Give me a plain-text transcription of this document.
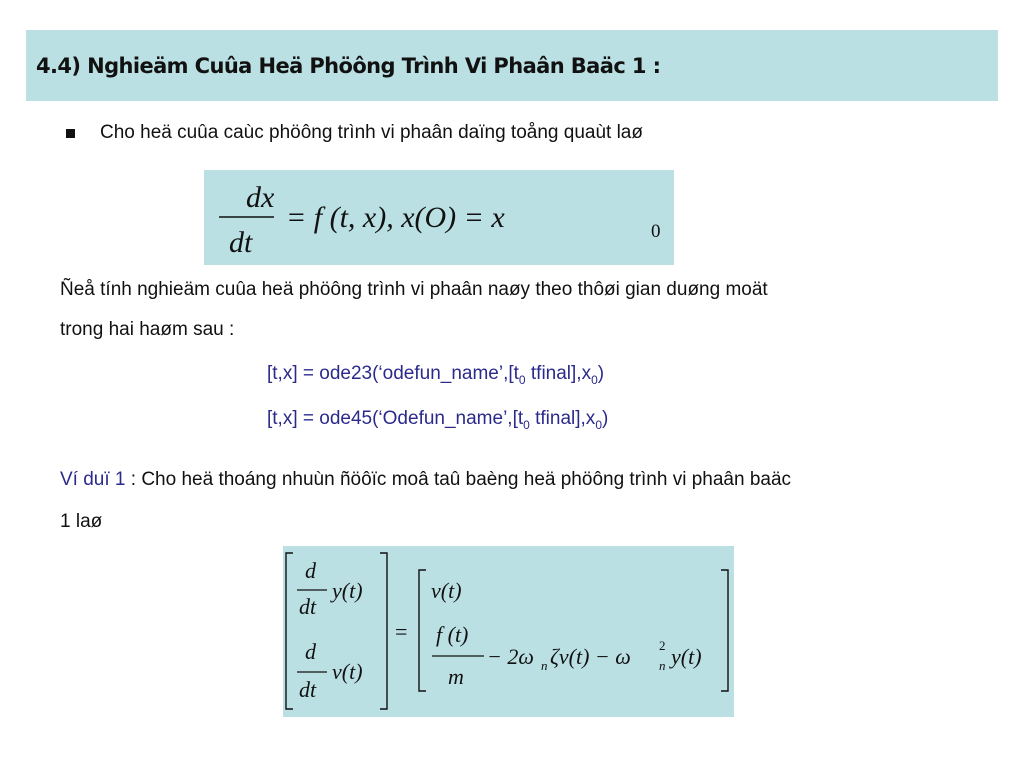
4.4) Nghieäm Cuûa Heä Phöông Trình Vi Phaân Baäc 1 :
Cho heä cuûa caùc phöông trình vi phaân daïng toång quaùt laø
dx
dt
= f (t, x), x(O) = x	0
Ñeå tính nghieäm cuûa heä phöông trình vi phaân naøy theo thôøi gian duøng moät
trong hai haøm sau :
$[t,x] = ode23(‘odefun\_name’,[t_0$ $tfinal],x_0$)
$[t,x] = ode45(‘Odefun\_name’,[t_0$ $tfinal],x_0$)
Ví duï 1 : Cho heä thoáng nhuùn ñöôïc moâ taû baèng heä phöông trình vi phaân baäc
1 laø
d
dt
y(t)
d
dt
v(t)
=
v(t)
f (t)
m
− 2ω n ζv(t) − ω 2
n y(t)
